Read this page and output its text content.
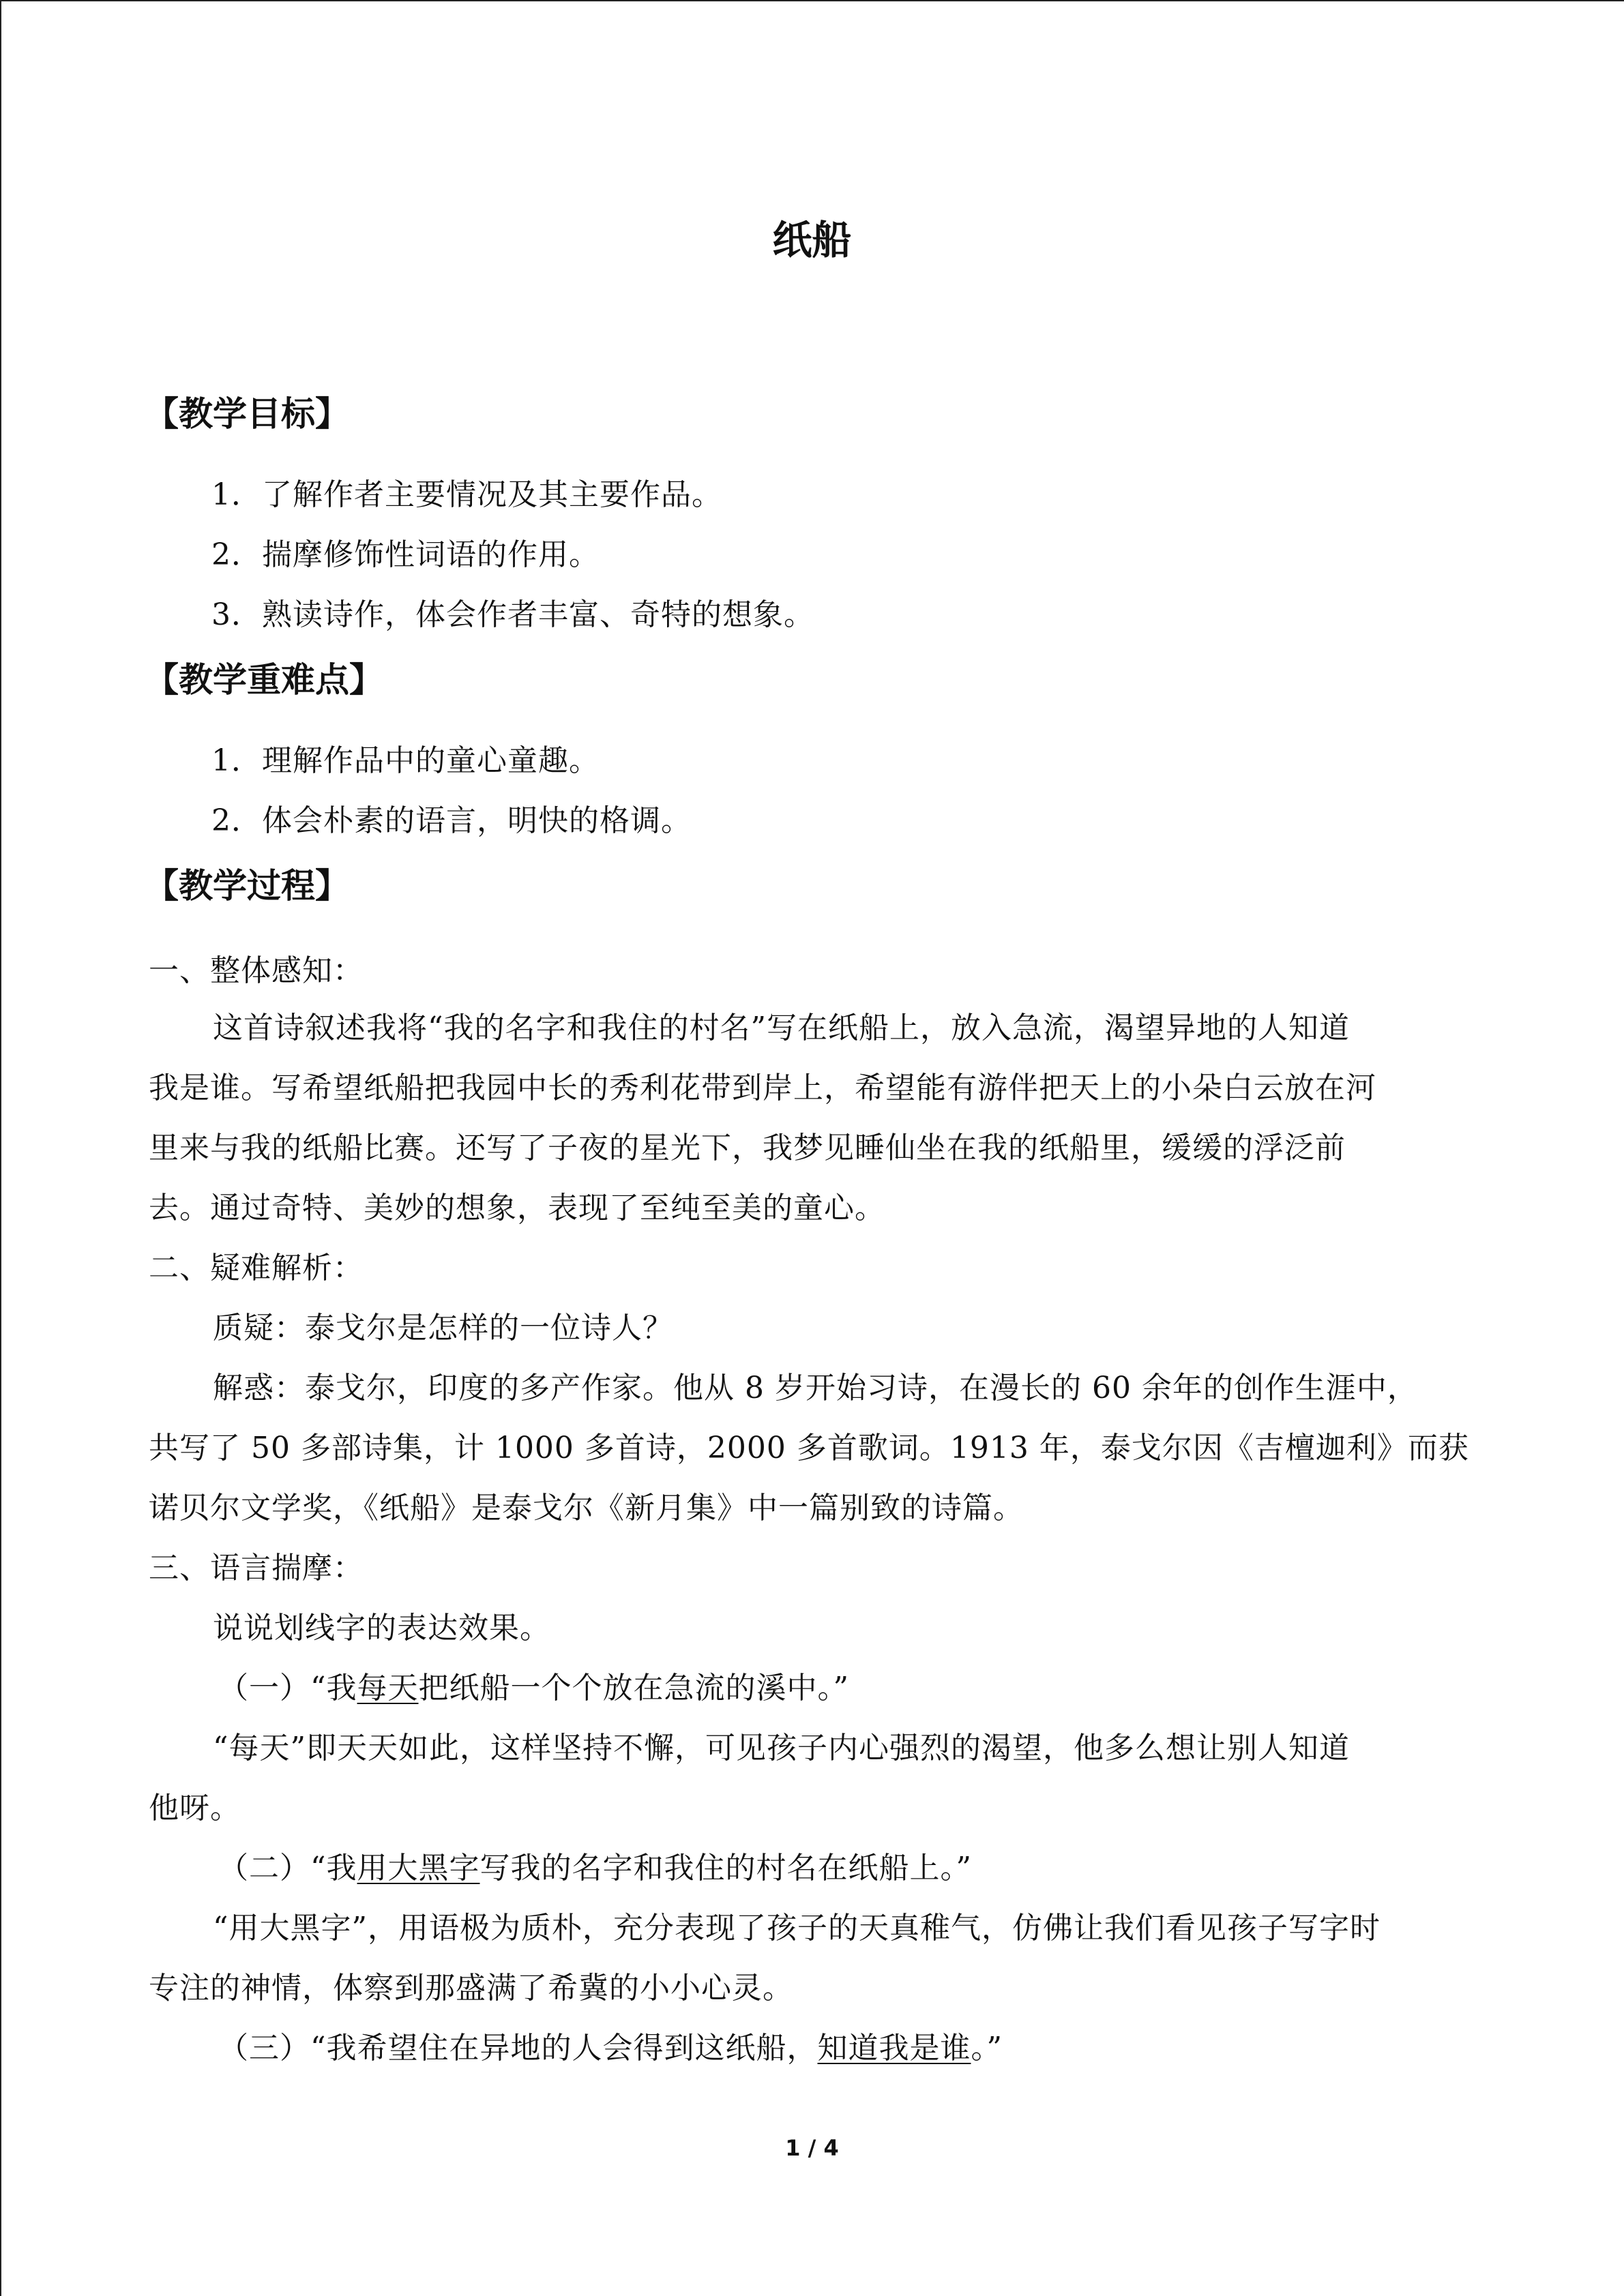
纸船
【教学目标】
1．了解作者主要情况及其主要作品。
2．揣摩修饰性词语的作用。
3．熟读诗作，体会作者丰富、奇特的想象。
【教学重难点】
1．理解作品中的童心童趣。
2．体会朴素的语言，明快的格调。
【教学过程】
一、整体感知：
这首诗叙述我将“我的名字和我住的村名”写在纸船上，放入急流，渴望异地的人知道
我是谁。写希望纸船把我园中长的秀利花带到岸上，希望能有游伴把天上的小朵白云放在河
里来与我的纸船比赛。还写了子夜的星光下，我梦见睡仙坐在我的纸船里，缓缓的浮泛前
去。通过奇特、美妙的想象，表现了至纯至美的童心。
二、疑难解析：
质疑：泰戈尔是怎样的一位诗人？
解惑：泰戈尔，印度的多产作家。他从 8 岁开始习诗，在漫长的 60 余年的创作生涯中，
共写了 50 多部诗集，计 1000 多首诗，2000 多首歌词。1913 年，泰戈尔因《吉檀迦利》而获
诺贝尔文学奖，《纸船》是泰戈尔《新月集》中一篇别致的诗篇。
三、语言揣摩：
说说划线字的表达效果。
（一）“我每天把纸船一个个放在急流的溪中。”
“每天”即天天如此，这样坚持不懈，可见孩子内心强烈的渴望，他多么想让别人知道
他呀。
（二）“我用大黑字写我的名字和我住的村名在纸船上。”
“用大黑字”，用语极为质朴，充分表现了孩子的天真稚气，仿佛让我们看见孩子写字时
专注的神情，体察到那盛满了希冀的小小心灵。
（三）“我希望住在异地的人会得到这纸船，知道我是谁。”
1 / 4
